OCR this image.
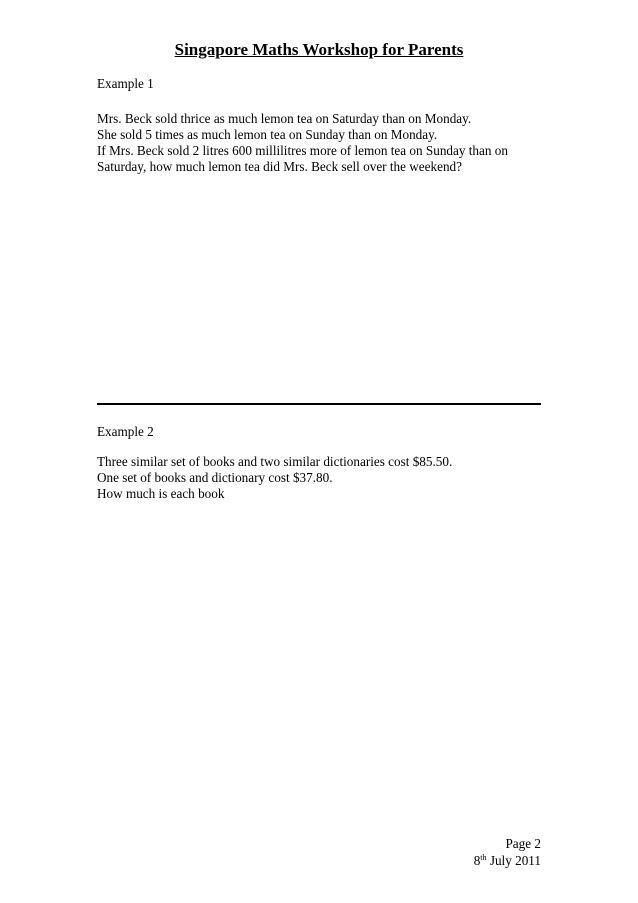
Singapore Maths Workshop for Parents
Example 1
Mrs. Beck sold thrice as much lemon tea on Saturday than on Monday.
She sold 5 times as much lemon tea on Sunday than on Monday.
If Mrs. Beck sold 2 litres 600 millilitres more of lemon tea on Sunday than on
Saturday, how much lemon tea did Mrs. Beck sell over the weekend?
Example 2
Three similar set of books and two similar dictionaries cost $85.50.
One set of books and dictionary cost $37.80.
How much is each book
Page 2
8th July 2011
